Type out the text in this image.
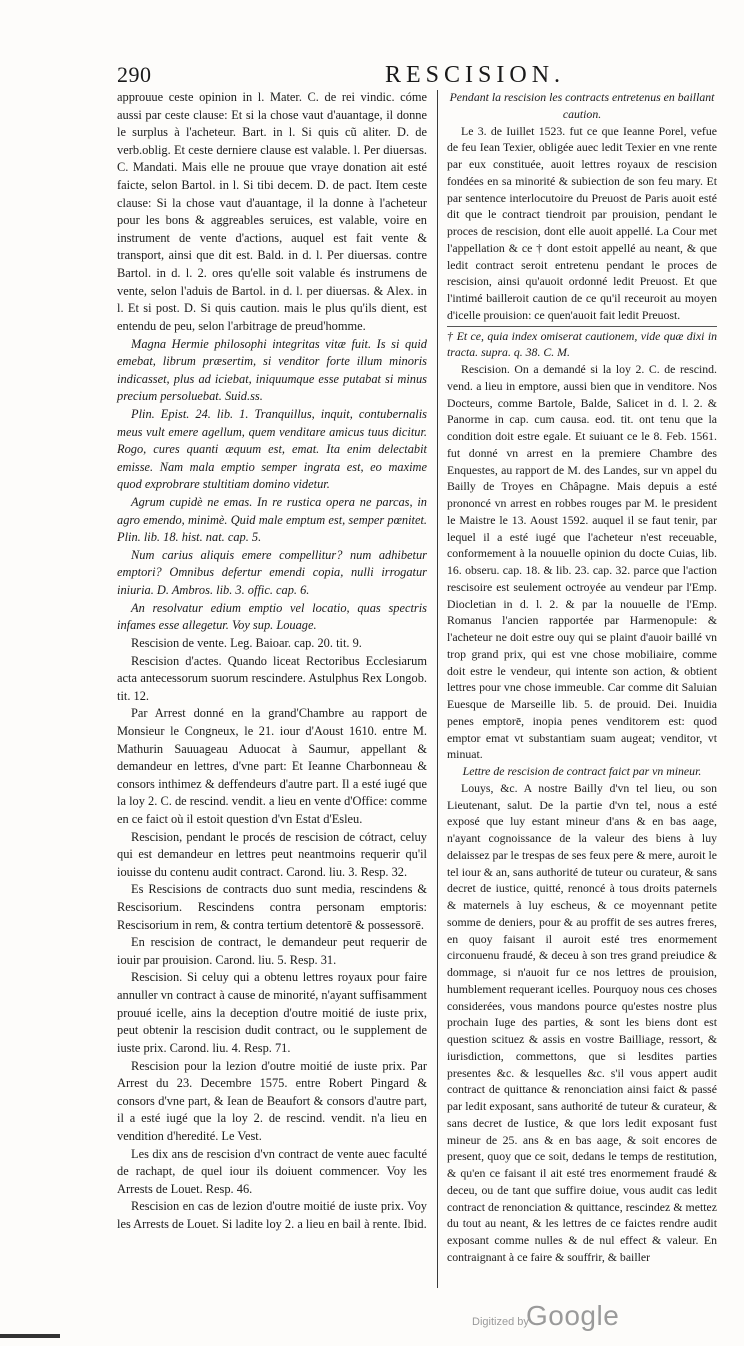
290	RESCISION.

approuue ceste opinion in l. Mater. C. de rei vindic. cóme aussi par ceste clause: Et si la chose vaut d'auantage, il donne le surplus à l'acheteur. Bart. in l. Si quis cũ aliter. D. de verb.oblig. Et ceste derniere clause est valable. l. Per diuersas. C. Mandati. Mais elle ne prouue que vraye donation ait esté faicte, selon Bartol. in l. Si tibi decem. D. de pact. Item ceste clause: Si la chose vaut d'auantage, il la donne à l'acheteur pour les bons & aggreables seruices, est valable, voire en instrument de vente d'actions, auquel est fait vente & transport, ainsi que dit est. Bald. in d. l. Per diuersas. contre Bartol. in d. l. 2. ores qu'elle soit valable és instrumens de vente, selon l'aduis de Bartol. in d. l. per diuersas. & Alex. in l. Et si post. D. Si quis caution. mais le plus qu'ils dient, est entendu de peu, selon l'arbitrage de preud'homme.

Magna Hermie philosophi integritas vitæ fuit. Is si quid emebat, librum præsertim, si venditor forte illum minoris indicasset, plus ad iciebat, iniquumque esse putabat si minus precium persoluebat. Suid.ss.

Plin. Epist. 24. lib. 1. Tranquillus, inquit, contubernalis meus vult emere agellum, quem venditare amicus tuus dicitur. Rogo, cures quanti æquum est, emat. Ita enim delectabit emisse. Nam mala emptio semper ingrata est, eo maxime quod exprobrare stultitiam domino videtur.

Agrum cupidè ne emas. In re rustica opera ne parcas, in agro emendo, minimè. Quid male emptum est, semper pœnitet. Plin. lib. 18. hist. nat. cap. 5.

Num carius aliquis emere compellitur? num adhibetur emptori? Omnibus defertur emendi copia, nulli irrogatur iniuria. D. Ambros. lib. 3. offic. cap. 6.

An resolvatur edium emptio vel locatio, quas spectris infames esse allegetur. Voy sup. Louage.

Rescision de vente. Leg. Baioar. cap. 20. tit. 9.

Rescision d'actes. Quando liceat Rectoribus Ecclesiarum acta antecessorum suorum rescindere. Astulphus Rex Longob. tit. 12.

Par Arrest donné en la grand'Chambre au rapport de Monsieur le Congneux, le 21. iour d'Aoust 1610. entre M. Mathurin Sauuageau Aduocat à Saumur, appellant & demandeur en lettres, d'vne part: Et Ieanne Charbonneau & consors inthimez & deffendeurs d'autre part. Il a esté iugé que la loy 2. C. de rescind. vendit. a lieu en vente d'Office: comme en ce faict où il estoit question d'vn Estat d'Esleu.

Rescision, pendant le procés de rescision de cótract, celuy qui est demandeur en lettres peut neantmoins requerir qu'il iouisse du contenu audit contract. Carond. liu. 3. Resp. 32.

Es Rescisions de contracts duo sunt media, rescindens & Rescisorium. Rescindens contra personam emptoris: Rescisorium in rem, & contra tertium detentorē & possessorē.

En rescision de contract, le demandeur peut requerir de iouir par prouision. Carond. liu. 5. Resp. 31.

Rescision. Si celuy qui a obtenu lettres royaux pour faire annuller vn contract à cause de minorité, n'ayant suffisamment prouué icelle, ains la deception d'outre moitié de iuste prix, peut obtenir la rescision dudit contract, ou le supplement de iuste prix. Carond. liu. 4. Resp. 71.

Rescision pour la lezion d'outre moitié de iuste prix. Par Arrest du 23. Decembre 1575. entre Robert Pingard & consors d'vne part, & Iean de Beaufort & consors d'autre part, il a esté iugé que la loy 2. de rescind. vendit. n'a lieu en vendition d'heredité. Le Vest.

Les dix ans de rescision d'vn contract de vente auec faculté de rachapt, de quel iour ils doiuent commencer. Voy les Arrests de Louet. Resp. 46.

Rescision en cas de lezion d'outre moitié de iuste prix. Voy les Arrests de Louet. Si ladite loy 2. a lieu en bail à rente. Ibid.

Pendant la rescision les contracts entretenus en baillant caution.

Le 3. de Iuillet 1523. fut ce que Ieanne Porel, vefue de feu Iean Texier, obligée auec ledit Texier en vne rente par eux constituée, auoit lettres royaux de rescision fondées en sa minorité & subiection de son feu mary. Et par sentence interlocutoire du Preuost de Paris auoit esté dit que le contract tiendroit par prouision, pendant le proces de rescision, dont elle auoit appellé. La Cour met l'appellation & ce † dont estoit appellé au neant, & que ledit contract seroit entretenu pendant le proces de rescision, ainsi qu'auoit ordonné ledit Preuost. Et que l'intimé bailleroit caution de ce qu'il receuroit au moyen d'icelle prouision: ce quen'auoit fait ledit Preuost.

† Et ce, quia index omiserat cautionem, vide quæ dixi in tracta. supra. q. 38. C. M.

Rescision. On a demandé si la loy 2. C. de rescind. vend. a lieu in emptore, aussi bien que in venditore. Nos Docteurs, comme Bartole, Balde, Salicet in d. l. 2. & Panorme in cap. cum causa. eod. tit. ont tenu que la condition doit estre egale. Et suiuant ce le 8. Feb. 1561. fut donné vn arrest en la premiere Chambre des Enquestes, au rapport de M. des Landes, sur vn appel du Bailly de Troyes en Châpagne. Mais depuis a esté prononcé vn arrest en robbes rouges par M. le president le Maistre le 13. Aoust 1592. auquel il se faut tenir, par lequel il a esté iugé que l'acheteur n'est receuable, conformement à la nouuelle opinion du docte Cuias, lib. 16. obseru. cap. 18. & lib. 23. cap. 32. parce que l'action rescisoire est seulement octroyée au vendeur par l'Emp. Diocletian in d. l. 2. & par la nouuelle de l'Emp. Romanus l'ancien rapportée par Harmenopule: & l'acheteur ne doit estre ouy qui se plaint d'auoir baillé vn trop grand prix, qui est vne chose mobiliaire, comme doit estre le vendeur, qui intente son action, & obtient lettres pour vne chose immeuble. Car comme dit Saluian Euesque de Marseille lib. 5. de prouid. Dei. Inuidia penes emptorē, inopia penes venditorem est: quod emptor emat vt substantiam suam augeat; venditor, vt minuat.

Lettre de rescision de contract faict par vn mineur.

Louys, &c. A nostre Bailly d'vn tel lieu, ou son Lieutenant, salut. De la partie d'vn tel, nous a esté exposé que luy estant mineur d'ans & en bas aage, n'ayant cognoissance de la valeur des biens à luy delaissez par le trespas de ses feux pere & mere, auroit le tel iour & an, sans authorité de tuteur ou curateur, & sans decret de iustice, quitté, renoncé à tous droits paternels & maternels à luy escheus, & ce moyennant petite somme de deniers, pour & au proffit de ses autres freres, en quoy faisant il auroit esté tres enormement circonuenu fraudé, & deceu à son tres grand preiudice & dommage, si n'auoit fur ce nos lettres de prouision, humblement requerant icelles. Pourquoy nous ces choses considerées, vous mandons pource qu'estes nostre plus prochain Iuge des parties, & sont les biens dont est question scituez & assis en vostre Bailliage, ressort, & iurisdiction, commettons, que si lesdites parties presentes &c. & lesquelles &c. s'il vous appert audit contract de quittance & renonciation ainsi faict & passé par ledit exposant, sans authorité de tuteur & curateur, & sans decret de Iustice, & que lors ledit exposant fust mineur de 25. ans & en bas aage, & soit encores de present, quoy que ce soit, dedans le temps de restitution, & qu'en ce faisant il ait esté tres enormement fraudé & deceu, ou de tant que suffire doiue, vous audit cas ledit contract de renonciation & quittance, rescindez & mettez du tout au neant, & les lettres de ce faictes rendre audit exposant comme nulles & de nul effect & valeur. En contraignant à ce faire & souffrir, & bailler

Digitized by
Google
